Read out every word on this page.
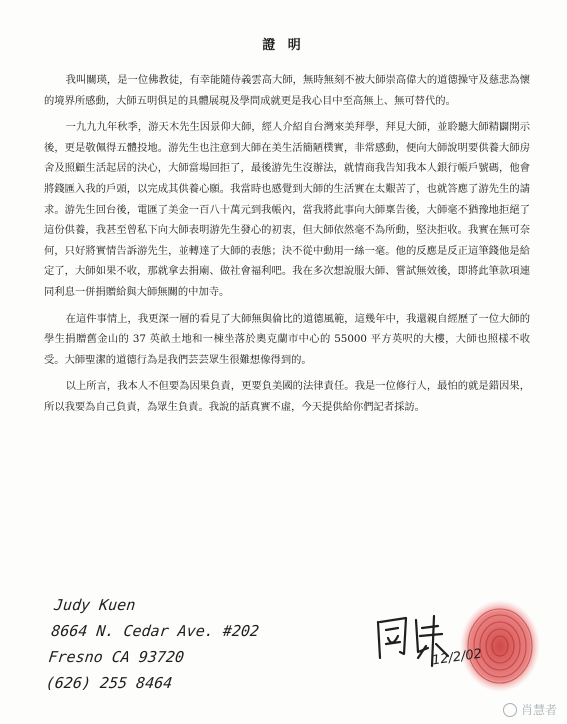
證 明

我叫關瑛，是一位佛教徒，有幸能隨侍義雲高大師，無時無刻不被大師崇高偉大的道德操守及慈悲為懷的境界所感動，大師五明俱足的具體展現及學問成就更是我心目中至高無上、無可替代的。

一九九九年秋季，游天木先生因景仰大師，經人介紹自台灣來美拜學，拜見大師，並聆聽大師精闢開示後，更是敬佩得五體投地。游先生也注意到大師在美生活簡陋樸實，非常感動，便向大師說明要供養大師房舍及照顧生活起居的決心，大師當場回拒了，最後游先生沒辦法，就情商我告知我本人銀行帳戶號碼，他會將錢匯入我的戶頭，以完成其供養心願。我當時也感覺到大師的生活實在太艱苦了，也就答應了游先生的請求。游先生回台後，電匯了美金一百八十萬元到我帳內，當我將此事向大師稟告後，大師毫不猶豫地拒絕了這份供養，我甚至曾私下向大師表明游先生發心的初衷，但大師依然毫不為所動，堅決拒收。我實在無可奈何，只好將實情告訴游先生，並轉達了大師的表態；決不從中動用一絲一毫。他的反應是反正這筆錢他是給定了，大師如果不收，那就拿去捐廟、做社會福利吧。我在多次想說服大師、嘗試無效後，即將此筆款項連同利息一併捐贈給與大師無關的中加寺。

在這件事情上，我更深一層的看見了大師無與倫比的道德風範，這幾年中，我還親自經歷了一位大師的學生捐贈舊金山的 37 英畝土地和一棟坐落於奧克蘭市中心的 55000 平方英呎的大樓，大師也照樣不收受。大師聖潔的道德行為是我們芸芸眾生很難想像得到的。

以上所言，我本人不但要為因果負責，更要負美國的法律責任。我是一位修行人，最怕的就是錯因果，所以我要為自己負責，為眾生負責。我說的話真實不虛，今天提供給你們記者採訪。

Judy Kuen
8664 N. Cedar Ave. #202
Fresno CA 93720
(626) 255 8464
12/2/02
肖慧者
